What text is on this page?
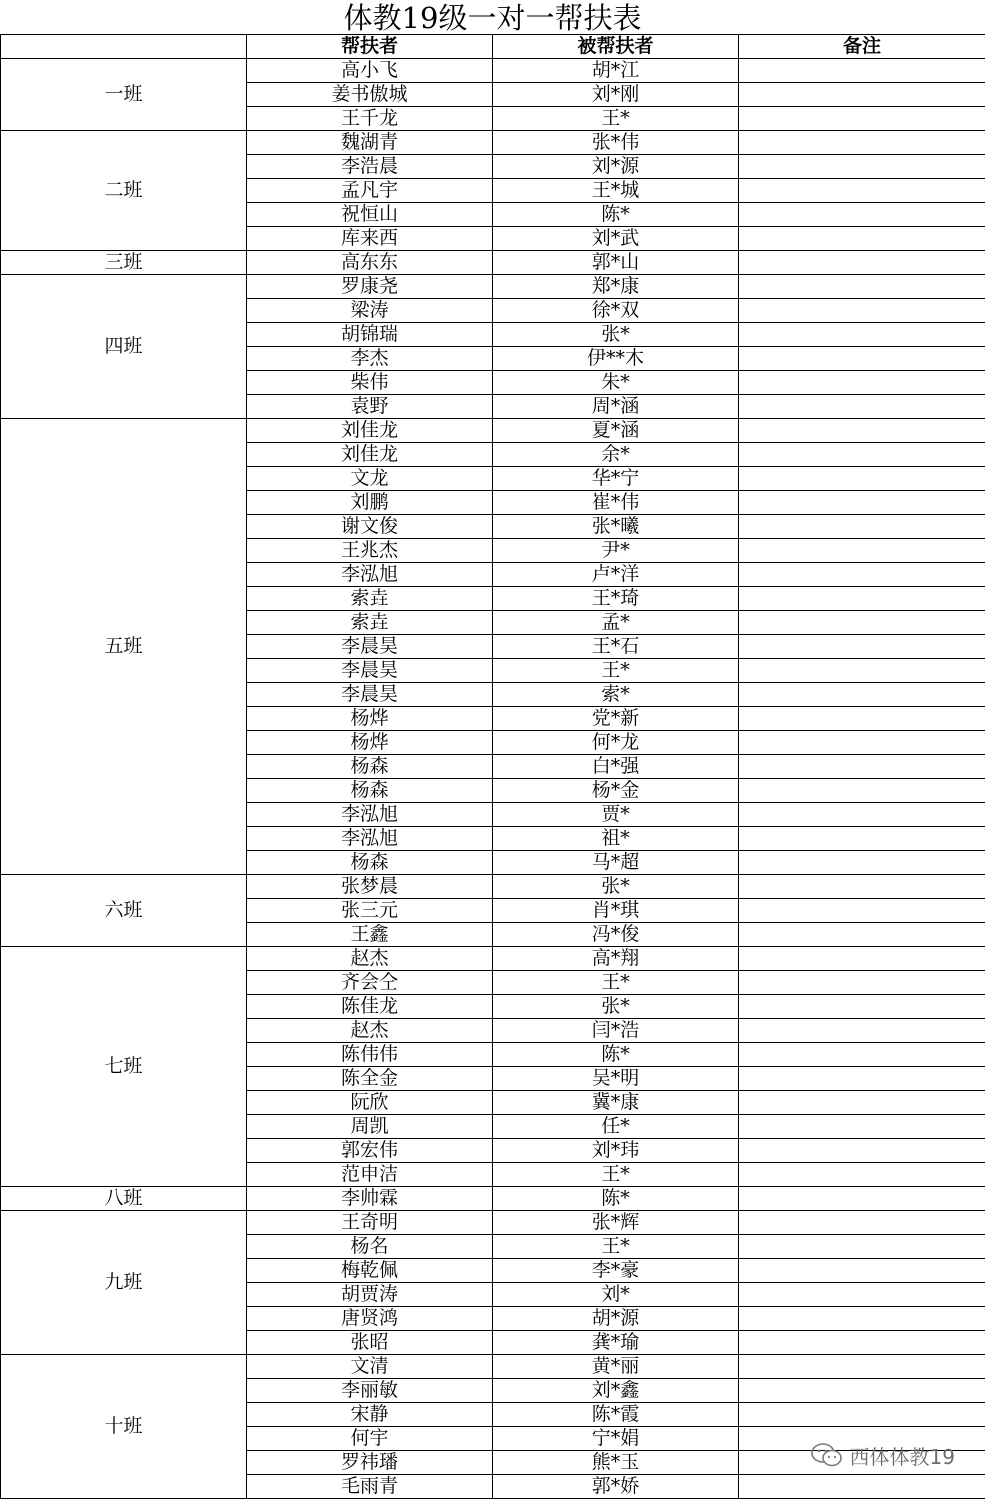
体教19级一对一帮扶表
	帮扶者	被帮扶者	备注
一班	高小飞	胡*江	
	姜书傲城	刘*刚	
	王千龙	王*	
二班	魏湖青	张*伟	
	李浩晨	刘*源	
	孟凡宇	王*城	
	祝恒山	陈*	
	库来西	刘*武	
三班	高东东	郭*山	
四班	罗康尧	郑*康	
	梁涛	徐*双	
	胡锦瑞	张*	
	李杰	伊**木	
	柴伟	朱*	
	袁野	周*涵	
五班	刘佳龙	夏*涵	
	刘佳龙	余*	
	文龙	华*宁	
	刘鹏	崔*伟	
	谢文俊	张*曦	
	王兆杰	尹*	
	李泓旭	卢*洋	
	索垚	王*琦	
	索垚	孟*	
	李晨昊	王*石	
	李晨昊	王*	
	李晨昊	索*	
	杨烨	党*新	
	杨烨	何*龙	
	杨森	白*强	
	杨森	杨*金	
	李泓旭	贾*	
	李泓旭	祖*	
	杨森	马*超	
六班	张梦晨	张*	
	张三元	肖*琪	
	王鑫	冯*俊	
七班	赵杰	高*翔	
	齐会仝	王*	
	陈佳龙	张*	
	赵杰	闫*浩	
	陈伟伟	陈*	
	陈全金	吴*明	
	阮欣	冀*康	
	周凯	任*	
	郭宏伟	刘*玮	
	范申洁	王*	
八班	李帅霖	陈*	
九班	王奇明	张*辉	
	杨名	王*	
	梅乾佩	李*豪	
	胡贾涛	刘*	
	唐贤鸿	胡*源	
	张昭	龚*瑜	
十班	文清	黄*丽	
	李丽敏	刘*鑫	
	宋静	陈*霞	
	何宇	宁*娟	
	罗祎璠	熊*玉	
	毛雨青	郭*娇	
西体体教19
